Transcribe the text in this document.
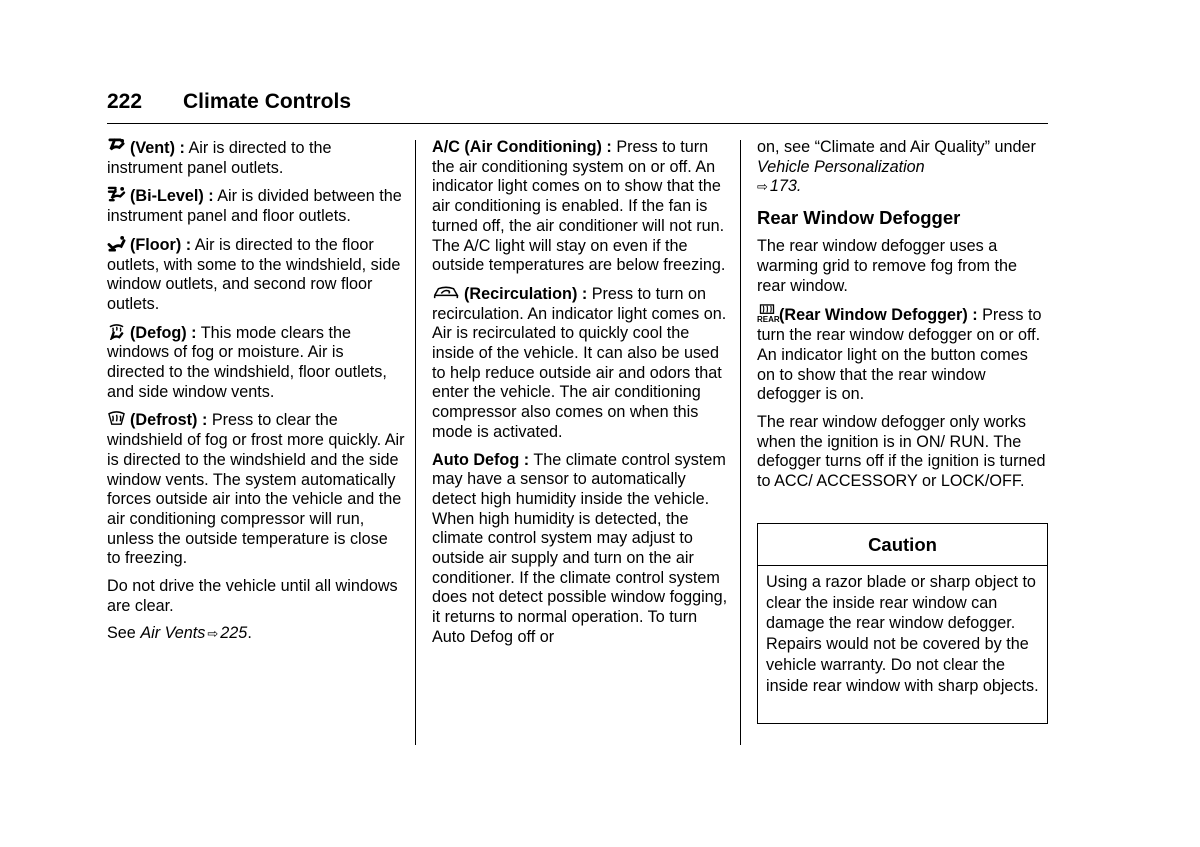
222 Climate Controls

(Vent) : Air is directed to the instrument panel outlets.

(Bi-Level) : Air is divided between the instrument panel and floor outlets.

(Floor) : Air is directed to the floor outlets, with some to the windshield, side window outlets, and second row floor outlets.

(Defog) : This mode clears the windows of fog or moisture. Air is directed to the windshield, floor outlets, and side window vents.

(Defrost) : Press to clear the windshield of fog or frost more quickly. Air is directed to the windshield and the side window vents. The system automatically forces outside air into the vehicle and the air conditioning compressor will run, unless the outside temperature is close to freezing.

Do not drive the vehicle until all windows are clear.

See Air Vents ⇨ 225.

A/C (Air Conditioning) : Press to turn the air conditioning system on or off. An indicator light comes on to show that the air conditioning is enabled. If the fan is turned off, the air conditioner will not run. The A/C light will stay on even if the outside temperatures are below freezing.

(Recirculation) : Press to turn on recirculation. An indicator light comes on. Air is recirculated to quickly cool the inside of the vehicle. It can also be used to help reduce outside air and odors that enter the vehicle. The air conditioning compressor also comes on when this mode is activated.

Auto Defog : The climate control system may have a sensor to automatically detect high humidity inside the vehicle. When high humidity is detected, the climate control system may adjust to outside air supply and turn on the air conditioner. If the climate control system does not detect possible window fogging, it returns to normal operation. To turn Auto Defog off or

on, see “Climate and Air Quality” under Vehicle Personalization
⇨ 173.

Rear Window Defogger

The rear window defogger uses a warming grid to remove fog from the rear window.

REAR (Rear Window Defogger) : Press to turn the rear window defogger on or off. An indicator light on the button comes on to show that the rear window defogger is on.

The rear window defogger only works when the ignition is in ON/ RUN. The defogger turns off if the ignition is turned to ACC/ ACCESSORY or LOCK/OFF.

Caution
Using a razor blade or sharp object to clear the inside rear window can damage the rear window defogger. Repairs would not be covered by the vehicle warranty. Do not clear the inside rear window with sharp objects.
